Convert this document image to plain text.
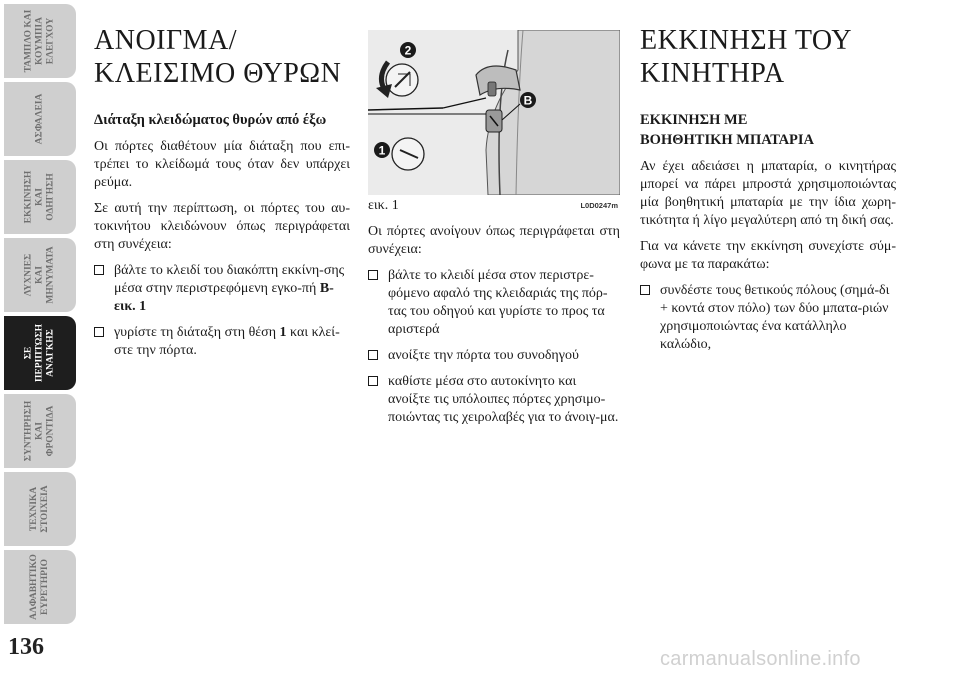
ΤΑΜΠΛΟ ΚΑΙ
ΚΟΥΜΠΙΑ
ΕΛΕΓΧΟΥ
ΑΣΦΑΛΕΙΑ
ΕΚΚΙΝΗΣΗ
ΚΑΙ
ΟΔΗΓΗΣΗ
ΛΥΧΝΙΕΣ
ΚΑΙ
ΜΗΝΥΜΑΤΑ
ΣΕ
ΠΕΡΙΠΤΩΣΗ
ΑΝΑΓΚΗΣ
ΣΥΝΤΗΡΗΣΗ
ΚΑΙ
ΦΡΟΝΤΙΔΑ
ΤΕΧΝΙΚΑ
ΣΤΟΙΧΕΙΑ
ΑΛΦΑΒΗΤΙΚΟ
ΕΥΡΕΤΗΡΙΟ
136
ΑΝΟΙΓΜΑ/
ΚΛΕΙΣΙΜΟ ΘΥΡΩΝ
Διάταξη κλειδώματος θυρών από έξω

Οι πόρτες διαθέτουν μία διάταξη που επι-τρέπει το κλείδωμά τους όταν δεν υπάρχει ρεύμα.

Σε αυτή την περίπτωση, οι πόρτες του αυ-τοκινήτου κλειδώνουν όπως περιγράφεται στη συνέχεια:

βάλτε το κλειδί του διακόπτη εκκίνη-σης μέσα στην περιστρεφόμενη εγκο-πή B-εικ. 1
γυρίστε τη διάταξη στη θέση 1 και κλεί-στε την πόρτα.
2
1
B
εικ. 1	L0D0247m

Οι πόρτες ανοίγουν όπως περιγράφεται στη συνέχεια:

βάλτε το κλειδί μέσα στον περιστρε-φόμενο αφαλό της κλειδαριάς της πόρ-τας του οδηγού και γυρίστε το προς τα αριστερά
ανοίξτε την πόρτα του συνοδηγού
καθίστε μέσα στο αυτοκίνητο και ανοίξτε τις υπόλοιπες πόρτες χρησιμο-ποιώντας τις χειρολαβές για το άνοιγ-μα.
ΕΚΚΙΝΗΣΗ ΤΟΥ
ΚΙΝΗΤΗΡΑ
ΕΚΚΙΝΗΣΗ ΜΕ
ΒΟΗΘΗΤΙΚΗ ΜΠΑΤΑΡΙΑ

Αν έχει αδειάσει η μπαταρία, ο κινητήρας μπορεί να πάρει μπροστά χρησιμοποιώντας μία βοηθητική μπαταρία με την ίδια χωρη-τικότητα ή λίγο μεγαλύτερη από τη δική σας.

Για να κάνετε την εκκίνηση συνεχίστε σύμ-φωνα με τα παρακάτω:

συνδέστε τους θετικούς πόλους (σημά-δι + κοντά στον πόλο) των δύο μπατα-ριών χρησιμοποιώντας ένα κατάλληλο καλώδιο,
carmanualsonline.info
